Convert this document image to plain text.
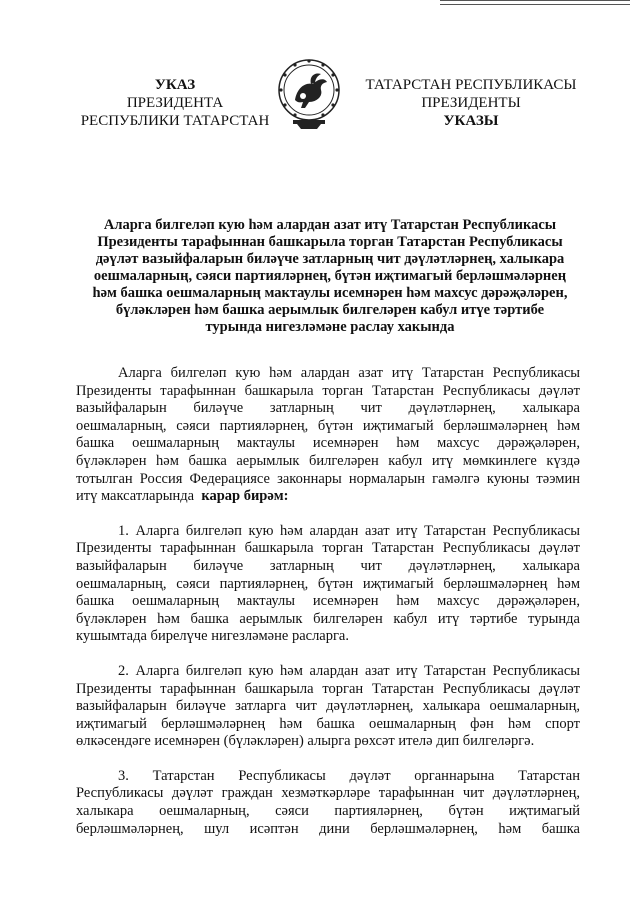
УКАЗ
ПРЕЗИДЕНТА
РЕСПУБЛИКИ ТАТАРСТАН
ТАТАРСТАН РЕСПУБЛИКАСЫ
ПРЕЗИДЕНТЫ
УКАЗЫ
Аларга билгеләп кую һәм алардан азат итү Татарстан Республикасы
Президенты тарафыннан башкарыла торган Татарстан Республикасы
дәүләт вазыйфаларын биләүче затларның чит дәүләтләрнең, халыкара
оешмаларның, сәяси партияләрнең, бүтән иҗтимагый берләшмәләрнең
һәм башка оешмаларның мактаулы исемнәрен һәм махсус дәрәҗәләрен,
бүләкләрен һәм башка аерымлык билгеләрен кабул итүе тәртибе
турында нигезләмәне раслау хакында
Аларга билгеләп кую һәм алардан азат итү Татарстан Республикасы
Президенты тарафыннан башкарыла торган Татарстан Республикасы дәүләт
вазыйфаларын биләүче затларның чит дәүләтләрнең, халыкара
оешмаларның, сәяси партияләрнең, бүтән иҗтимагый берләшмәләрнең һәм
башка оешмаларның мактаулы исемнәрен һәм махсус дәрәҗәләрен,
бүләкләрен һәм башка аерымлык билгеләрен кабул итү мөмкинлеге күздә
тотылган Россия Федерациясе законнары нормаларын гамәлгә куюны тәэмин
итү максатларында карар бирәм:
1. Аларга билгеләп кую һәм алардан азат итү Татарстан Республикасы
Президенты тарафыннан башкарыла торган Татарстан Республикасы дәүләт
вазыйфаларын биләүче затларның чит дәүләтләрнең, халыкара
оешмаларның, сәяси партияләрнең, бүтән иҗтимагый берләшмәләрнең һәм
башка оешмаларның мактаулы исемнәрен һәм махсус дәрәҗәләрен,
бүләкләрен һәм башка аерымлык билгеләрен кабул итү тәртибе турында
кушымтада бирелүче нигезләмәне расларга.
2. Аларга билгеләп кую һәм алардан азат итү Татарстан Республикасы
Президенты тарафыннан башкарыла торган Татарстан Республикасы дәүләт
вазыйфаларын биләүче затларга чит дәүләтләрнең, халыкара оешмаларның,
иҗтимагый берләшмәләрнең һәм башка оешмаларның фән һәм спорт
өлкәсендәге исемнәрен (бүләкләрен) алырга рөхсәт ителә дип билгеләргә.
3. Татарстан Республикасы дәүләт органнарына Татарстан
Республикасы дәүләт граждан хезмәткәрләре тарафыннан чит дәүләтләрнең,
халыкара оешмаларның, сәяси партияләрнең, бүтән иҗтимагый
берләшмәләрнең, шул исәптән дини берләшмәләрнең, һәм башка
